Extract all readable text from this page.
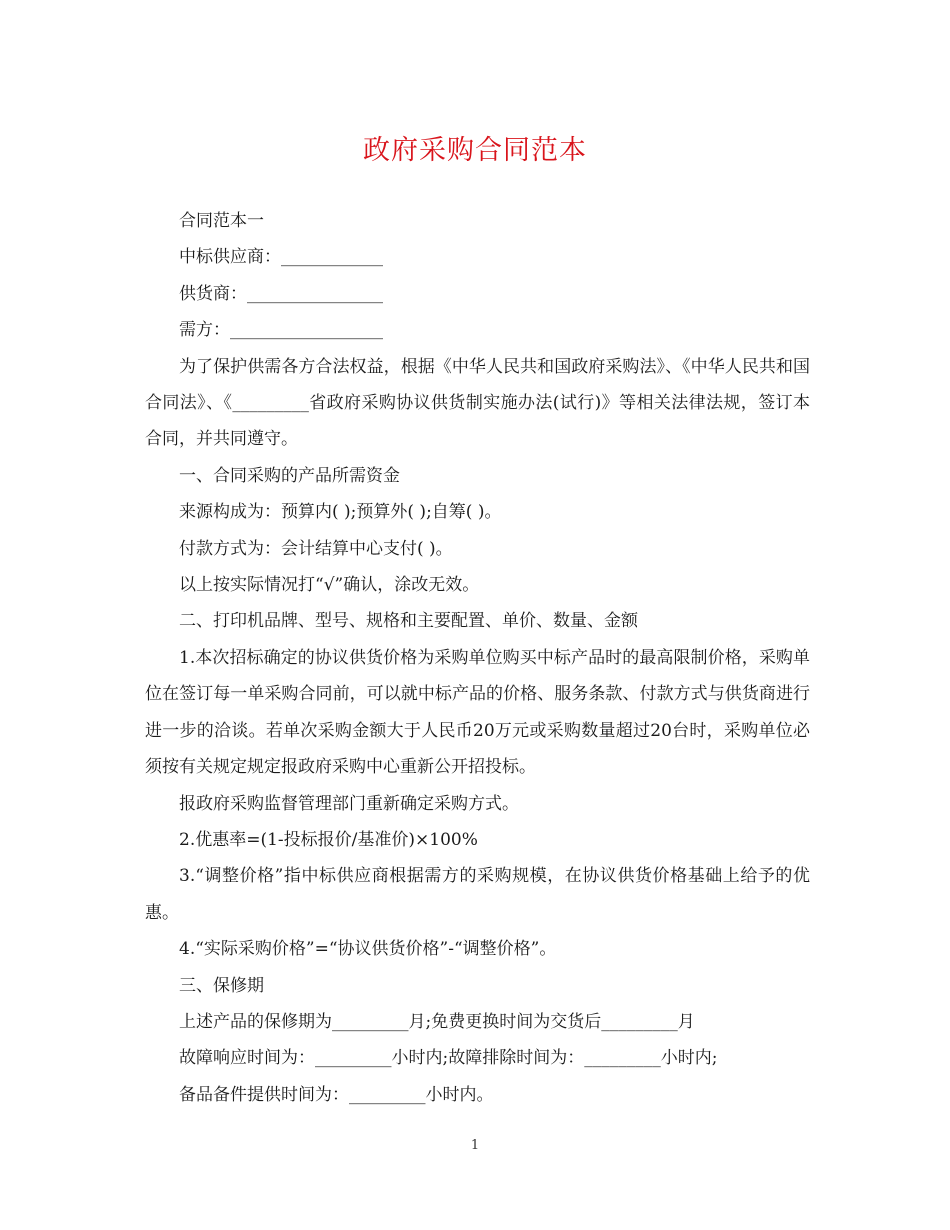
政府采购合同范本

合同范本一

中标供应商：____________

供货商：________________

需方：__________________

为了保护供需各方合法权益，根据《中华人民共和国政府采购法》、《中华人民共和国合同法》、《_________省政府采购协议供货制实施办法(试行)》等相关法律法规，签订本合同，并共同遵守。

一、合同采购的产品所需资金

来源构成为：预算内( );预算外( );自筹( )。

付款方式为：会计结算中心支付( )。

以上按实际情况打“√”确认，涂改无效。

二、打印机品牌、型号、规格和主要配置、单价、数量、金额

1.本次招标确定的协议供货价格为采购单位购买中标产品时的最高限制价格，采购单位在签订每一单采购合同前，可以就中标产品的价格、服务条款、付款方式与供货商进行进一步的洽谈。若单次采购金额大于人民币20万元或采购数量超过20台时，采购单位必须按有关规定规定报政府采购中心重新公开招投标。

报政府采购监督管理部门重新确定采购方式。

2.优惠率=(1-投标报价/基准价)×100%

3.“调整价格”指中标供应商根据需方的采购规模，在协议供货价格基础上给予的优惠。

4.“实际采购价格”=“协议供货价格”-“调整价格”。

三、保修期

上述产品的保修期为_________月;免费更换时间为交货后_________月

故障响应时间为：_________小时内;故障排除时间为：_________小时内;

备品备件提供时间为：_________小时内。

1
